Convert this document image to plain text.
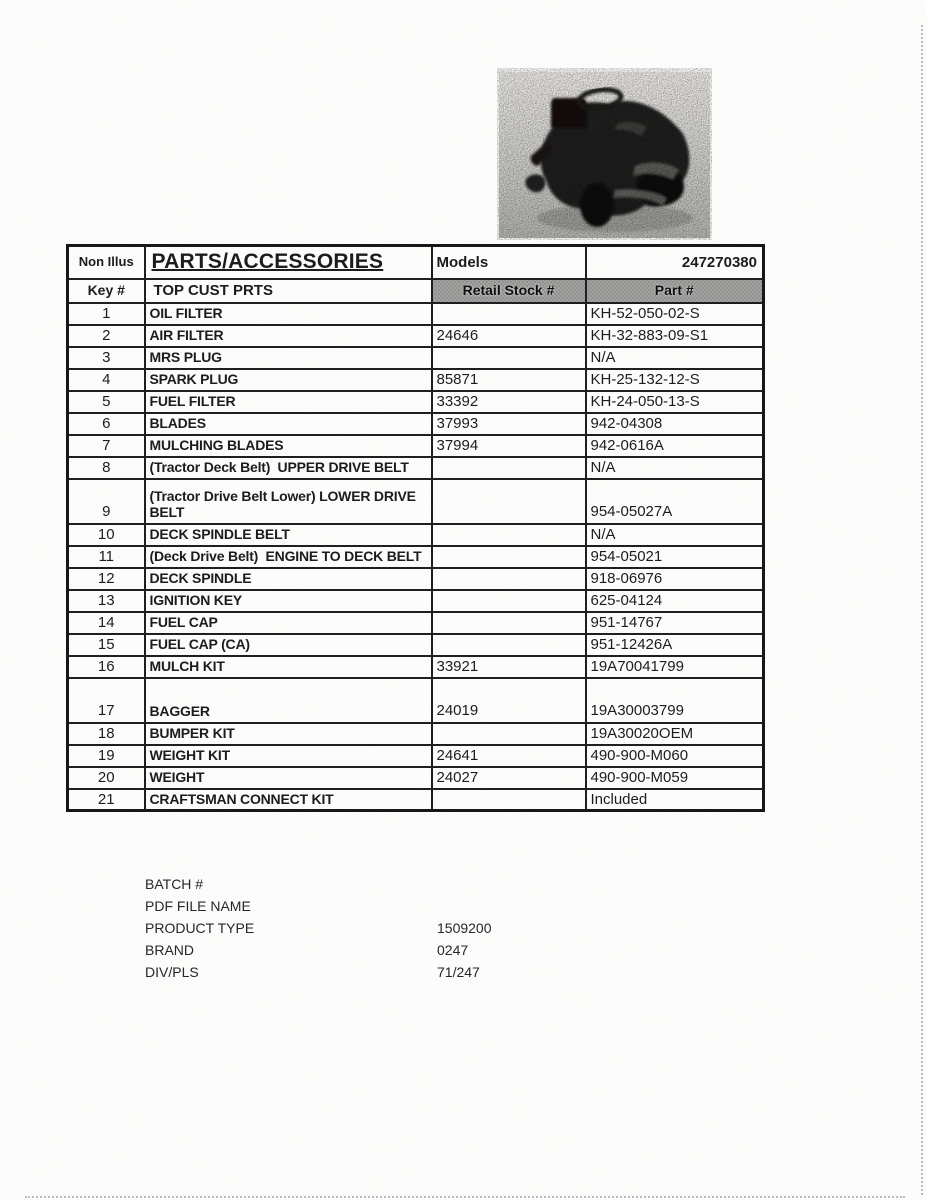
Non Illus	PARTS/ACCESSORIES	Models	247270380
Key #	TOP CUST PRTS	Retail Stock #	Part #
1	OIL FILTER		KH-52-050-02-S
2	AIR FILTER	24646	KH-32-883-09-S1
3	MRS PLUG		N/A
4	SPARK PLUG	85871	KH-25-132-12-S
5	FUEL FILTER	33392	KH-24-050-13-S
6	BLADES	37993	942-04308
7	MULCHING BLADES	37994	942-0616A
8	(Tractor Deck Belt)  UPPER DRIVE BELT		N/A
9	(Tractor Drive Belt Lower) LOWER DRIVE BELT		954-05027A
10	DECK SPINDLE BELT		N/A
11	(Deck Drive Belt)  ENGINE TO DECK BELT		954-05021
12	DECK SPINDLE		918-06976
13	IGNITION KEY		625-04124
14	FUEL CAP		951-14767
15	FUEL CAP (CA)		951-12426A
16	MULCH KIT	33921	19A70041799
17	BAGGER	24019	19A30003799
18	BUMPER KIT		19A30020OEM
19	WEIGHT KIT	24641	490-900-M060
20	WEIGHT	24027	490-900-M059
21	CRAFTSMAN CONNECT KIT		Included
BATCH #
PDF FILE NAME
PRODUCT TYPE	1509200
BRAND	0247
DIV/PLS	71/247
